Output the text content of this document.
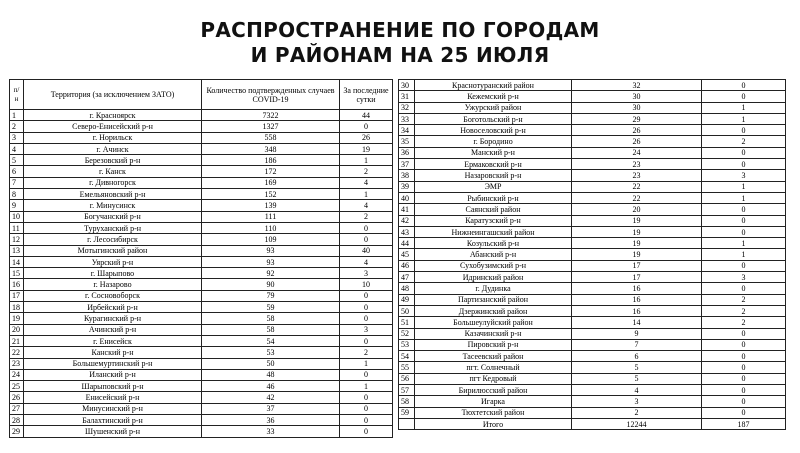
РАСПРОСТРАНЕНИЕ ПО ГОРОДАМ
И РАЙОНАМ НА 25 ИЮЛЯ
п/н	Территория (за исключением ЗАТО)	Количество подтвержденных случаев COVID-19	За последние сутки
1	г. Красноярск	7322	44
2	Северо-Енисейский р-н	1327	0
3	г. Норильск	558	26
4	г. Ачинск	348	19
5	Березовский р-н	186	1
6	г. Канск	172	2
7	г. Дивногорск	169	4
8	Емельяновский р-н	152	1
9	г. Минусинск	139	4
10	Богучанский р-н	111	2
11	Туруханский р-н	110	0
12	г. Лесосибирск	109	0
13	Мотыгинский район	93	40
14	Уярский р-н	93	4
15	г. Шарыпово	92	3
16	г. Назарово	90	10
17	г. Сосновоборск	79	0
18	Ирбейский р-н	59	0
19	Курагинский р-н	58	0
20	Ачинский р-н	58	3
21	г. Енисейск	54	0
22	Канский р-н	53	2
23	Большемуртинский р-н	50	1
24	Иланский р-н	48	0
25	Шарыповский р-н	46	1
26	Енисейский р-н	42	0
27	Минусинский р-н	37	0
28	Балахтинский р-н	36	0
29	Шушенский р-н	33	0
30	Краснотуранский район	32	0
31	Кежемский р-н	30	0
32	Ужурский район	30	1
33	Боготольский р-н	29	1
34	Новоселовский р-н	26	0
35	г. Бородино	26	2
36	Манский р-н	24	0
37	Ермаковский р-н	23	0
38	Назаровский р-н	23	3
39	ЭМР	22	1
40	Рыбинский р-н	22	1
41	Саянский район	20	0
42	Каратузский р-н	19	0
43	Нижнеингашский район	19	0
44	Козульский р-н	19	1
45	Абанский р-н	19	1
46	Сухобузимский р-н	17	0
47	Идринский район	17	3
48	г. Дудинка	16	0
49	Партизанский район	16	2
50	Дзержинский район	16	2
51	Большеулуйский район	14	2
52	Казачинский р-н	9	0
53	Пировский р-н	7	0
54	Тасеевский район	6	0
55	пгт. Солнечный	5	0
56	пгт Кедровый	5	0
57	Бирилюсский район	4	0
58	Игарка	3	0
59	Тюхтетский район	2	0
	Итого	12244	187
